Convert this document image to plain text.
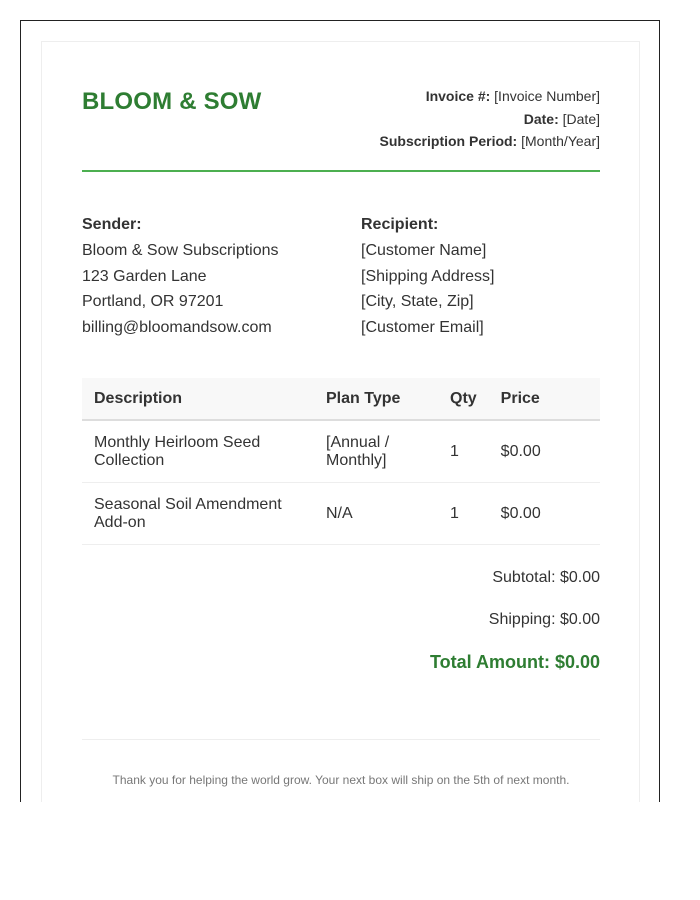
BLOOM & SOW	Invoice #: [Invoice Number]
Date: [Date]
Subscription Period: [Month/Year]
Sender:
Bloom & Sow Subscriptions
123 Garden Lane
Portland, OR 97201
billing@bloomandsow.com
Recipient:
[Customer Name]
[Shipping Address]
[City, State, Zip]
[Customer Email]
Description	Plan Type	Qty	Price
Monthly Heirloom Seed Collection	[Annual / Monthly]	1	$0.00
Seasonal Soil Amendment Add-on	N/A	1	$0.00
Subtotal: $0.00
Shipping: $0.00
Total Amount: $0.00
Thank you for helping the world grow. Your next box will ship on the 5th of next month.
